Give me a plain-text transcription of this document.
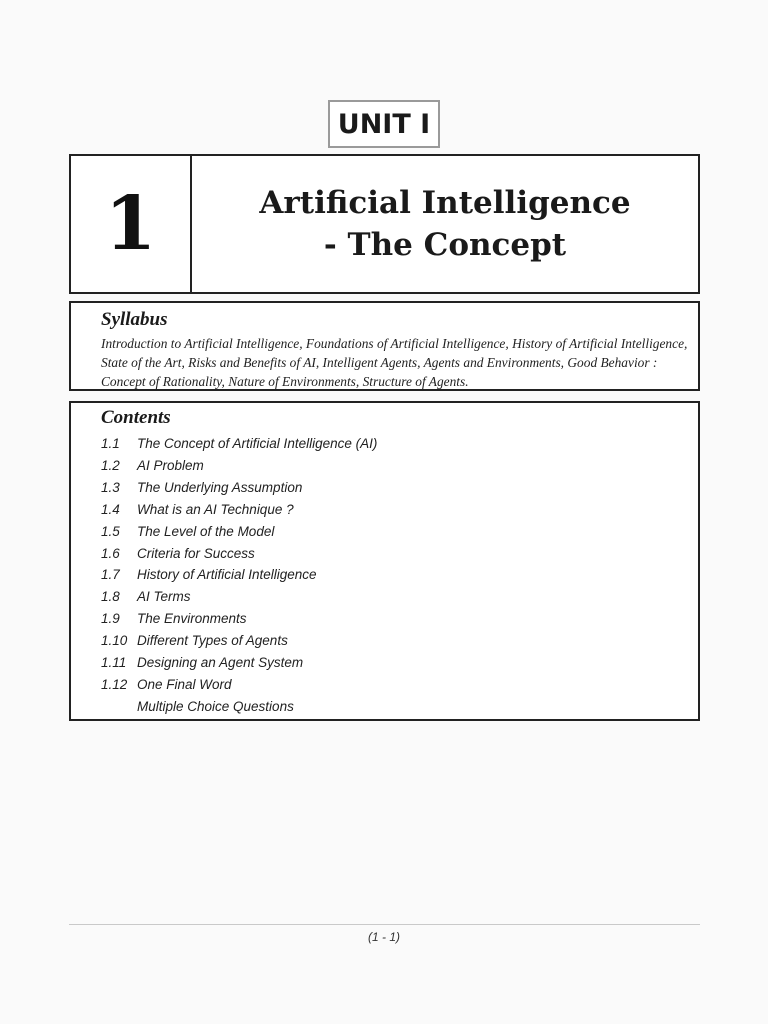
UNIT I
1	Artificial Intelligence
- The Concept
Syllabus

Introduction to Artificial Intelligence, Foundations of Artificial Intelligence, History of Artificial Intelligence, State of the Art, Risks and Benefits of AI, Intelligent Agents, Agents and Environments, Good Behavior : Concept of Rationality, Nature of Environments, Structure of Agents.

Contents
1.1	The Concept of Artificial Intelligence (AI)
1.2	AI Problem
1.3	The Underlying Assumption
1.4	What is an AI Technique ?
1.5	The Level of the Model
1.6	Criteria for Success
1.7	History of Artificial Intelligence
1.8	AI Terms
1.9	The Environments
1.10 Different Types of Agents
1.11 Designing an Agent System
1.12 One Final Word
Multiple Choice Questions
(1 - 1)
